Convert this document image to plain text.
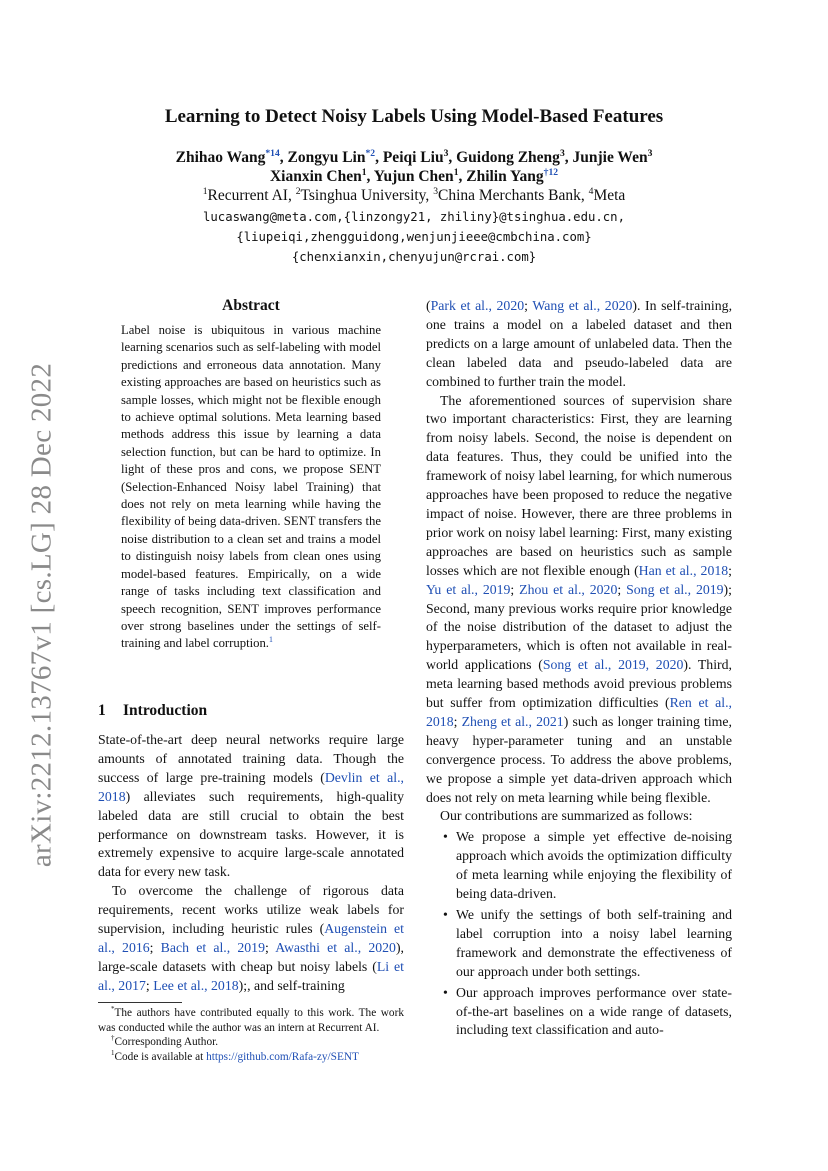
arXiv:2212.13767v1 [cs.LG] 28 Dec 2022
Learning to Detect Noisy Labels Using Model-Based Features
Zhihao Wang$^{*14}$, Zongyu Lin$^{*2}$, Peiqi Liu$^3$, Guidong Zheng$^3$, Junjie Wen$^3$
Xianxin Chen$^1$, Yujun Chen$^1$, Zhilin Yang$^{\dagger 12}$
$^1$Recurrent AI, $^2$Tsinghua University, $^3$China Merchants Bank, $^4$Meta
lucaswang@meta.com,{linzongy21, zhiliny}@tsinghua.edu.cn,
{liupeiqi,zhengguidong,wenjunjieee@cmbchina.com}
{chenxianxin,chenyujun@rcrai.com}
Abstract
Label noise is ubiquitous in various machine learning scenarios such as self-labeling with model predictions and erroneous data annotation. Many existing approaches are based on heuristics such as sample losses, which might not be flexible enough to achieve optimal solutions. Meta learning based methods address this issue by learning a data selection function, but can be hard to optimize. In light of these pros and cons, we propose SENT (Selection-Enhanced Noisy label Training) that does not rely on meta learning while having the flexibility of being data-driven. SENT transfers the noise distribution to a clean set and trains a model to distinguish noisy labels from clean ones using model-based features. Empirically, on a wide range of tasks including text classification and speech recognition, SENT improves performance over strong baselines under the settings of self-training and label corruption.$^1$
1 Introduction

State-of-the-art deep neural networks require large amounts of annotated training data. Though the success of large pre-training models (Devlin et al., 2018) alleviates such requirements, high-quality labeled data are still crucial to obtain the best performance on downstream tasks. However, it is extremely expensive to acquire large-scale annotated data for every new task.

To overcome the challenge of rigorous data requirements, recent works utilize weak labels for supervision, including heuristic rules (Augenstein et al., 2016; Bach et al., 2019; Awasthi et al., 2020), large-scale datasets with cheap but noisy labels (Li et al., 2017; Lee et al., 2018);, and self-training

*The authors have contributed equally to this work. The work was conducted while the author was an intern at Recurrent AI.

†Corresponding Author.

$^1$Code is available at https://github.com/Rafa-zy/SENT

(Park et al., 2020; Wang et al., 2020). In self-training, one trains a model on a labeled dataset and then predicts on a large amount of unlabeled data. Then the clean labeled data and pseudo-labeled data are combined to further train the model.

The aforementioned sources of supervision share two important characteristics: First, they are learning from noisy labels. Second, the noise is dependent on data features. Thus, they could be unified into the framework of noisy label learning, for which numerous approaches have been proposed to reduce the negative impact of noise. However, there are three problems in prior work on noisy label learning: First, many existing approaches are based on heuristics such as sample losses which are not flexible enough (Han et al., 2018; Yu et al., 2019; Zhou et al., 2020; Song et al., 2019); Second, many previous works require prior knowledge of the noise distribution of the dataset to adjust the hyperparameters, which is often not available in real-world applications (Song et al., 2019, 2020). Third, meta learning based methods avoid previous problems but suffer from optimization difficulties (Ren et al., 2018; Zheng et al., 2021) such as longer training time, heavy hyper-parameter tuning and an unstable convergence process. To address the above problems, we propose a simple yet data-driven approach which does not rely on meta learning while being flexible.

Our contributions are summarized as follows:

• We propose a simple yet effective de-noising approach which avoids the optimization difficulty of meta learning while enjoying the flexibility of being data-driven.
• We unify the settings of both self-training and label corruption into a noisy label learning framework and demonstrate the effectiveness of our approach under both settings.
• Our approach improves performance over state-of-the-art baselines on a wide range of datasets, including text classification and auto-
